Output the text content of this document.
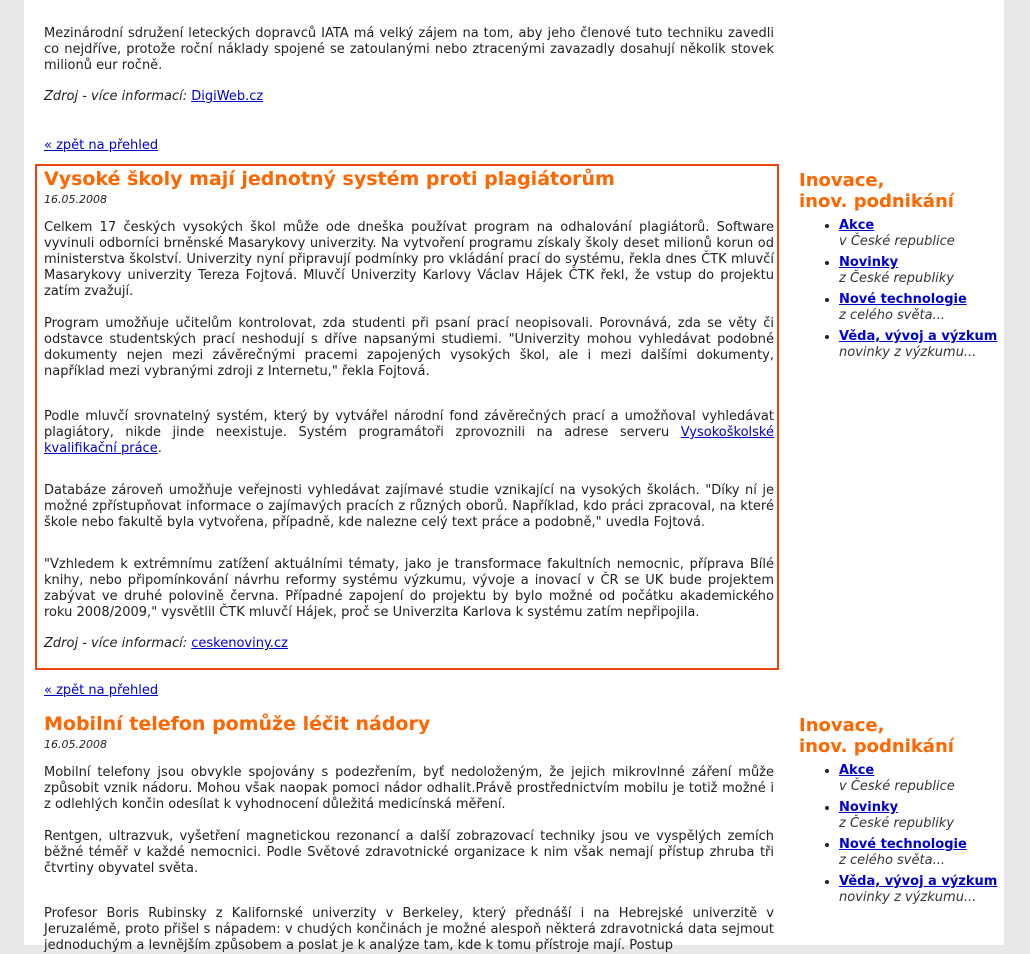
Mezinárodní sdružení leteckých dopravců IATA má velký zájem na tom, aby jeho členové tuto techniku zavedli co nejdříve, protože roční náklady spojené se zatoulanými nebo ztracenými zavazadly dosahují několik stovek milionů eur ročně.

Zdroj - více informací: DigiWeb.cz

« zpět na přehled
Vysoké školy mají jednotný systém proti plagiátorům
16.05.2008

Celkem 17 českých vysokých škol může ode dneška používat program na odhalování plagiátorů. Software vyvinuli odborníci brněnské Masarykovy univerzity. Na vytvoření programu získaly školy deset milionů korun od ministerstva školství. Univerzity nyní připravují podmínky pro vkládání prací do systému, řekla dnes ČTK mluvčí Masarykovy univerzity Tereza Fojtová. Mluvčí Univerzity Karlovy Václav Hájek ČTK řekl, že vstup do projektu zatím zvažují.

Program umožňuje učitelům kontrolovat, zda studenti při psaní prací neopisovali. Porovnává, zda se věty či odstavce studentských prací neshodují s dříve napsanými studiemi. "Univerzity mohou vyhledávat podobné dokumenty nejen mezi závěrečnými pracemi zapojených vysokých škol, ale i mezi dalšími dokumenty, například mezi vybranými zdroji z Internetu," řekla Fojtová.

Podle mluvčí srovnatelný systém, který by vytvářel národní fond závěrečných prací a umožňoval vyhledávat plagiátory, nikde jinde neexistuje. Systém programátoři zprovoznili na adrese serveru Vysokoškolské kvalifikační práce.

Databáze zároveň umožňuje veřejnosti vyhledávat zajímavé studie vznikající na vysokých školách. "Díky ní je možné zpřístupňovat informace o zajímavých pracích z různých oborů. Například, kdo práci zpracoval, na které škole nebo fakultě byla vytvořena, případně, kde nalezne celý text práce a podobně," uvedla Fojtová.

"Vzhledem k extrémnímu zatížení aktuálními tématy, jako je transformace fakultních nemocnic, příprava Bílé knihy, nebo připomínkování návrhu reformy systému výzkumu, vývoje a inovací v ČR se UK bude projektem zabývat ve druhé polovině června. Případné zapojení do projektu by bylo možné od počátku akademického roku 2008/2009," vysvětlil ČTK mluvčí Hájek, proč se Univerzita Karlova k systému zatím nepřipojila.

Zdroj - více informací: ceskenoviny.cz

Inovace,
inov. podnikání
• Akce
v České republice
• Novinky
z České republiky
• Nové technologie
z celého světa...
• Věda, vývoj a výzkum
novinky z výzkumu...
« zpět na přehled
Mobilní telefon pomůže léčit nádory
16.05.2008

Mobilní telefony jsou obvykle spojovány s podezřením, byť nedoloženým, že jejich mikrovlnné záření může způsobit vznik nádoru. Mohou však naopak pomoci nádor odhalit.Právě prostřednictvím mobilu je totiž možné i z odlehlých končin odesílat k vyhodnocení důležitá medicínská měření.

Rentgen, ultrazvuk, vyšetření magnetickou rezonancí a další zobrazovací techniky jsou ve vyspělých zemích běžné téměř v každé nemocnici. Podle Světové zdravotnické organizace k nim však nemají přístup zhruba tři čtvrtiny obyvatel světa.

Profesor Boris Rubinsky z Kalifornské univerzity v Berkeley, který přednáší i na Hebrejské univerzitě v Jeruzalémě, proto přišel s nápadem: v chudých končinách je možné alespoň některá zdravotnická data sejmout jednoduchým a levnějším způsobem a poslat je k analýze tam, kde k tomu přístroje mají. Postup

Inovace,
inov. podnikání
• Akce
v České republice
• Novinky
z České republiky
• Nové technologie
z celého světa...
• Věda, vývoj a výzkum
novinky z výzkumu...
